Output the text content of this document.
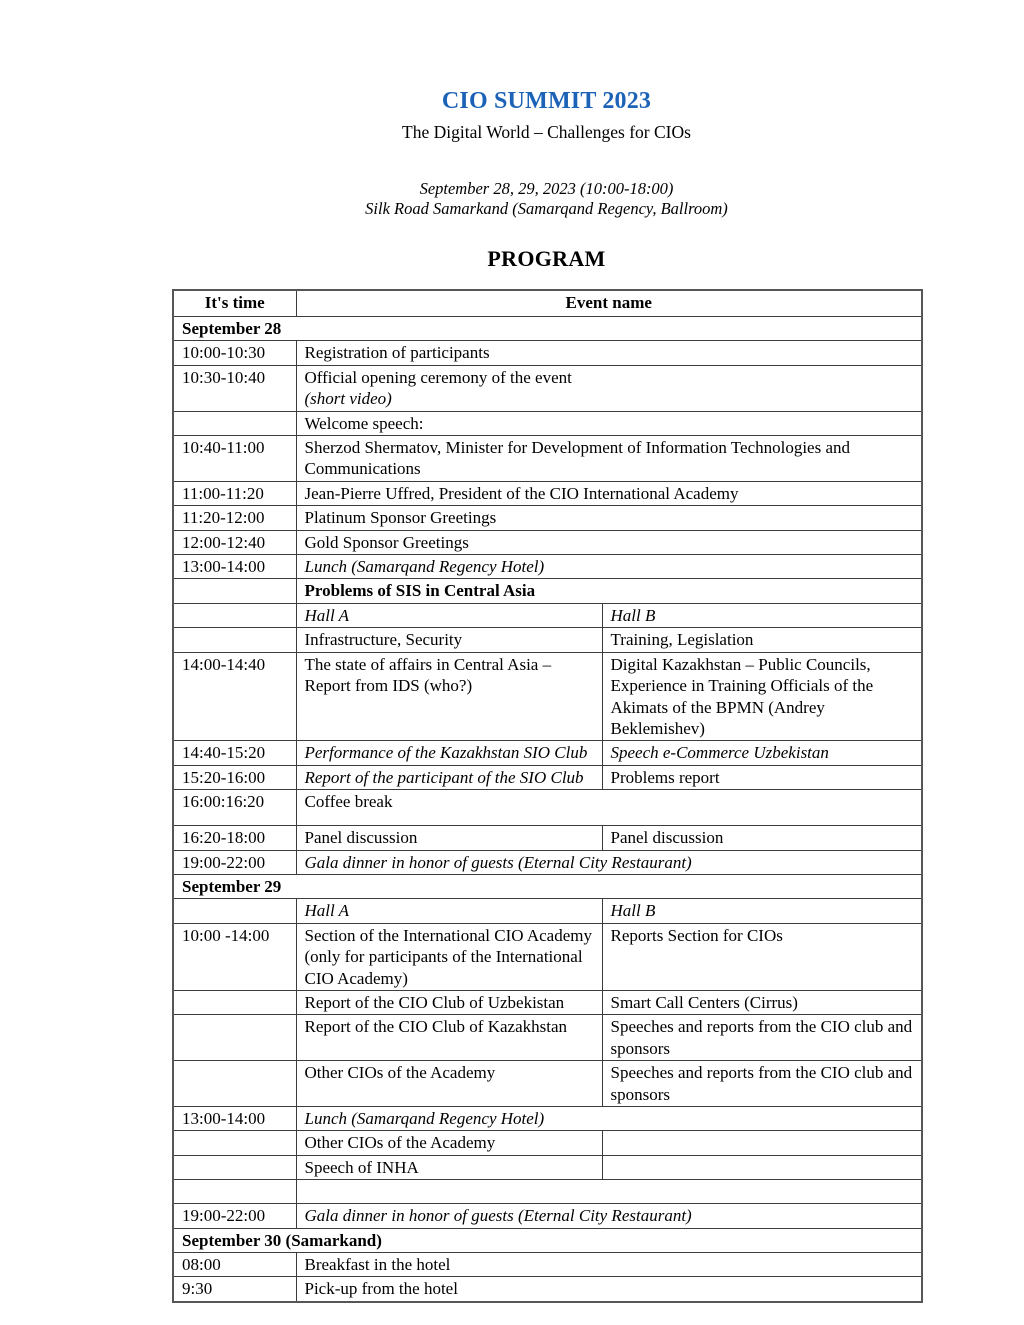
CIO SUMMIT 2023
The Digital World – Challenges for CIOs

September 28, 29, 2023 (10:00-18:00)

Silk Road Samarkand (Samarqand Regency, Ballroom)

PROGRAM
It's time	Event name	
September 28		
10:00-10:30	Registration of participants	
10:30-10:40	Official opening ceremony of the event
(short video)	

	Welcome speech:	
10:40-11:00	Sherzod Shermatov, Minister for Development of Information Technologies and Communications	
11:00-11:20	Jean-Pierre Uffred, President of the CIO International Academy	
11:20-12:00	Platinum Sponsor Greetings	
12:00-12:40	Gold Sponsor Greetings	
13:00-14:00	Lunch (Samarqand Regency Hotel)	
	Problems of SIS in Central Asia	
	Hall A	Hall B
	Infrastructure, Security	Training, Legislation
14:00-14:40	The state of affairs in Central Asia – Report from IDS (who?)	Digital Kazakhstan – Public Councils, Experience in Training Officials of the Akimats of the BPMN (Andrey Beklemishev)
14:40-15:20	Performance of the Kazakhstan SIO Club	Speech e-Commerce Uzbekistan
15:20-16:00	Report of the participant of the SIO Club	Problems report
16:00:16:20	Coffee break	
16:20-18:00	Panel discussion	Panel discussion
19:00-22:00	Gala dinner in honor of guests (Eternal City Restaurant)	
September 29		
	Hall A	Hall B
10:00 -14:00	Section of the International CIO Academy (only for participants of the International CIO Academy)	Reports Section for CIOs
	Report of the CIO Club of Uzbekistan	Smart Call Centers (Cirrus)
	Report of the CIO Club of Kazakhstan	Speeches and reports from the CIO club and sponsors
	Other CIOs of the Academy	Speeches and reports from the CIO club and sponsors
13:00-14:00	Lunch (Samarqand Regency Hotel)	
	Other CIOs of the Academy	
	Speech of INHA	

19:00-22:00	Gala dinner in honor of guests (Eternal City Restaurant)	
September 30 (Samarkand)		
08:00	Breakfast in the hotel	
9:30	Pick-up from the hotel	
